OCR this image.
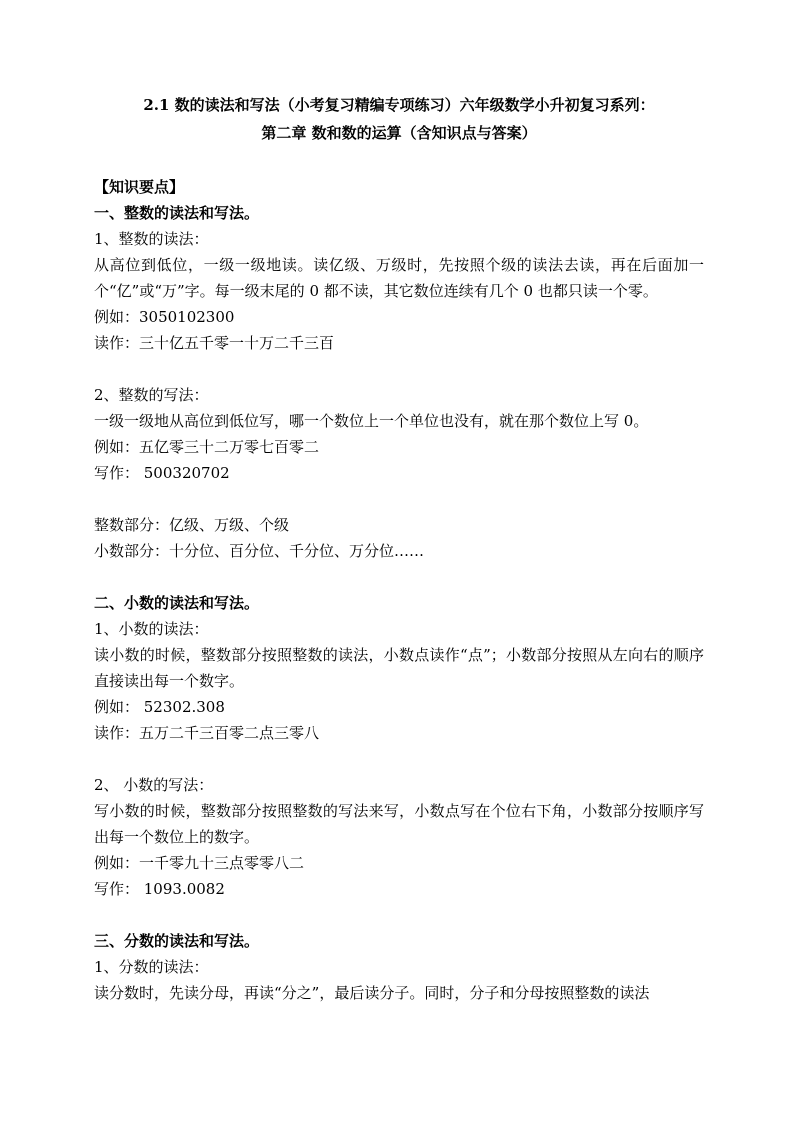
2.1 数的读法和写法（小考复习精编专项练习）六年级数学小升初复习系列：
第二章 数和数的运算（含知识点与答案）
【知识要点】
一、整数的读法和写法。
1、整数的读法：
从高位到低位，一级一级地读。读亿级、万级时，先按照个级的读法去读，再在后面加一个“亿”或“万”字。每一级末尾的 0 都不读，其它数位连续有几个 0 也都只读一个零。
例如：3050102300
读作：三十亿五千零一十万二千三百
2、整数的写法：
一级一级地从高位到低位写，哪一个数位上一个单位也没有，就在那个数位上写 0。
例如：五亿零三十二万零七百零二
写作： 500320702
整数部分：亿级、万级、个级
小数部分：十分位、百分位、千分位、万分位……
二、小数的读法和写法。
1、小数的读法：
读小数的时候，整数部分按照整数的读法，小数点读作“点”；小数部分按照从左向右的顺序直接读出每一个数字。
例如： 52302.308
读作：五万二千三百零二点三零八
2、 小数的写法：
写小数的时候，整数部分按照整数的写法来写，小数点写在个位右下角，小数部分按顺序写出每一个数位上的数字。
例如：一千零九十三点零零八二
写作： 1093.0082
三、分数的读法和写法。
1、分数的读法：
读分数时，先读分母，再读“分之”，最后读分子。同时，分子和分母按照整数的读法
